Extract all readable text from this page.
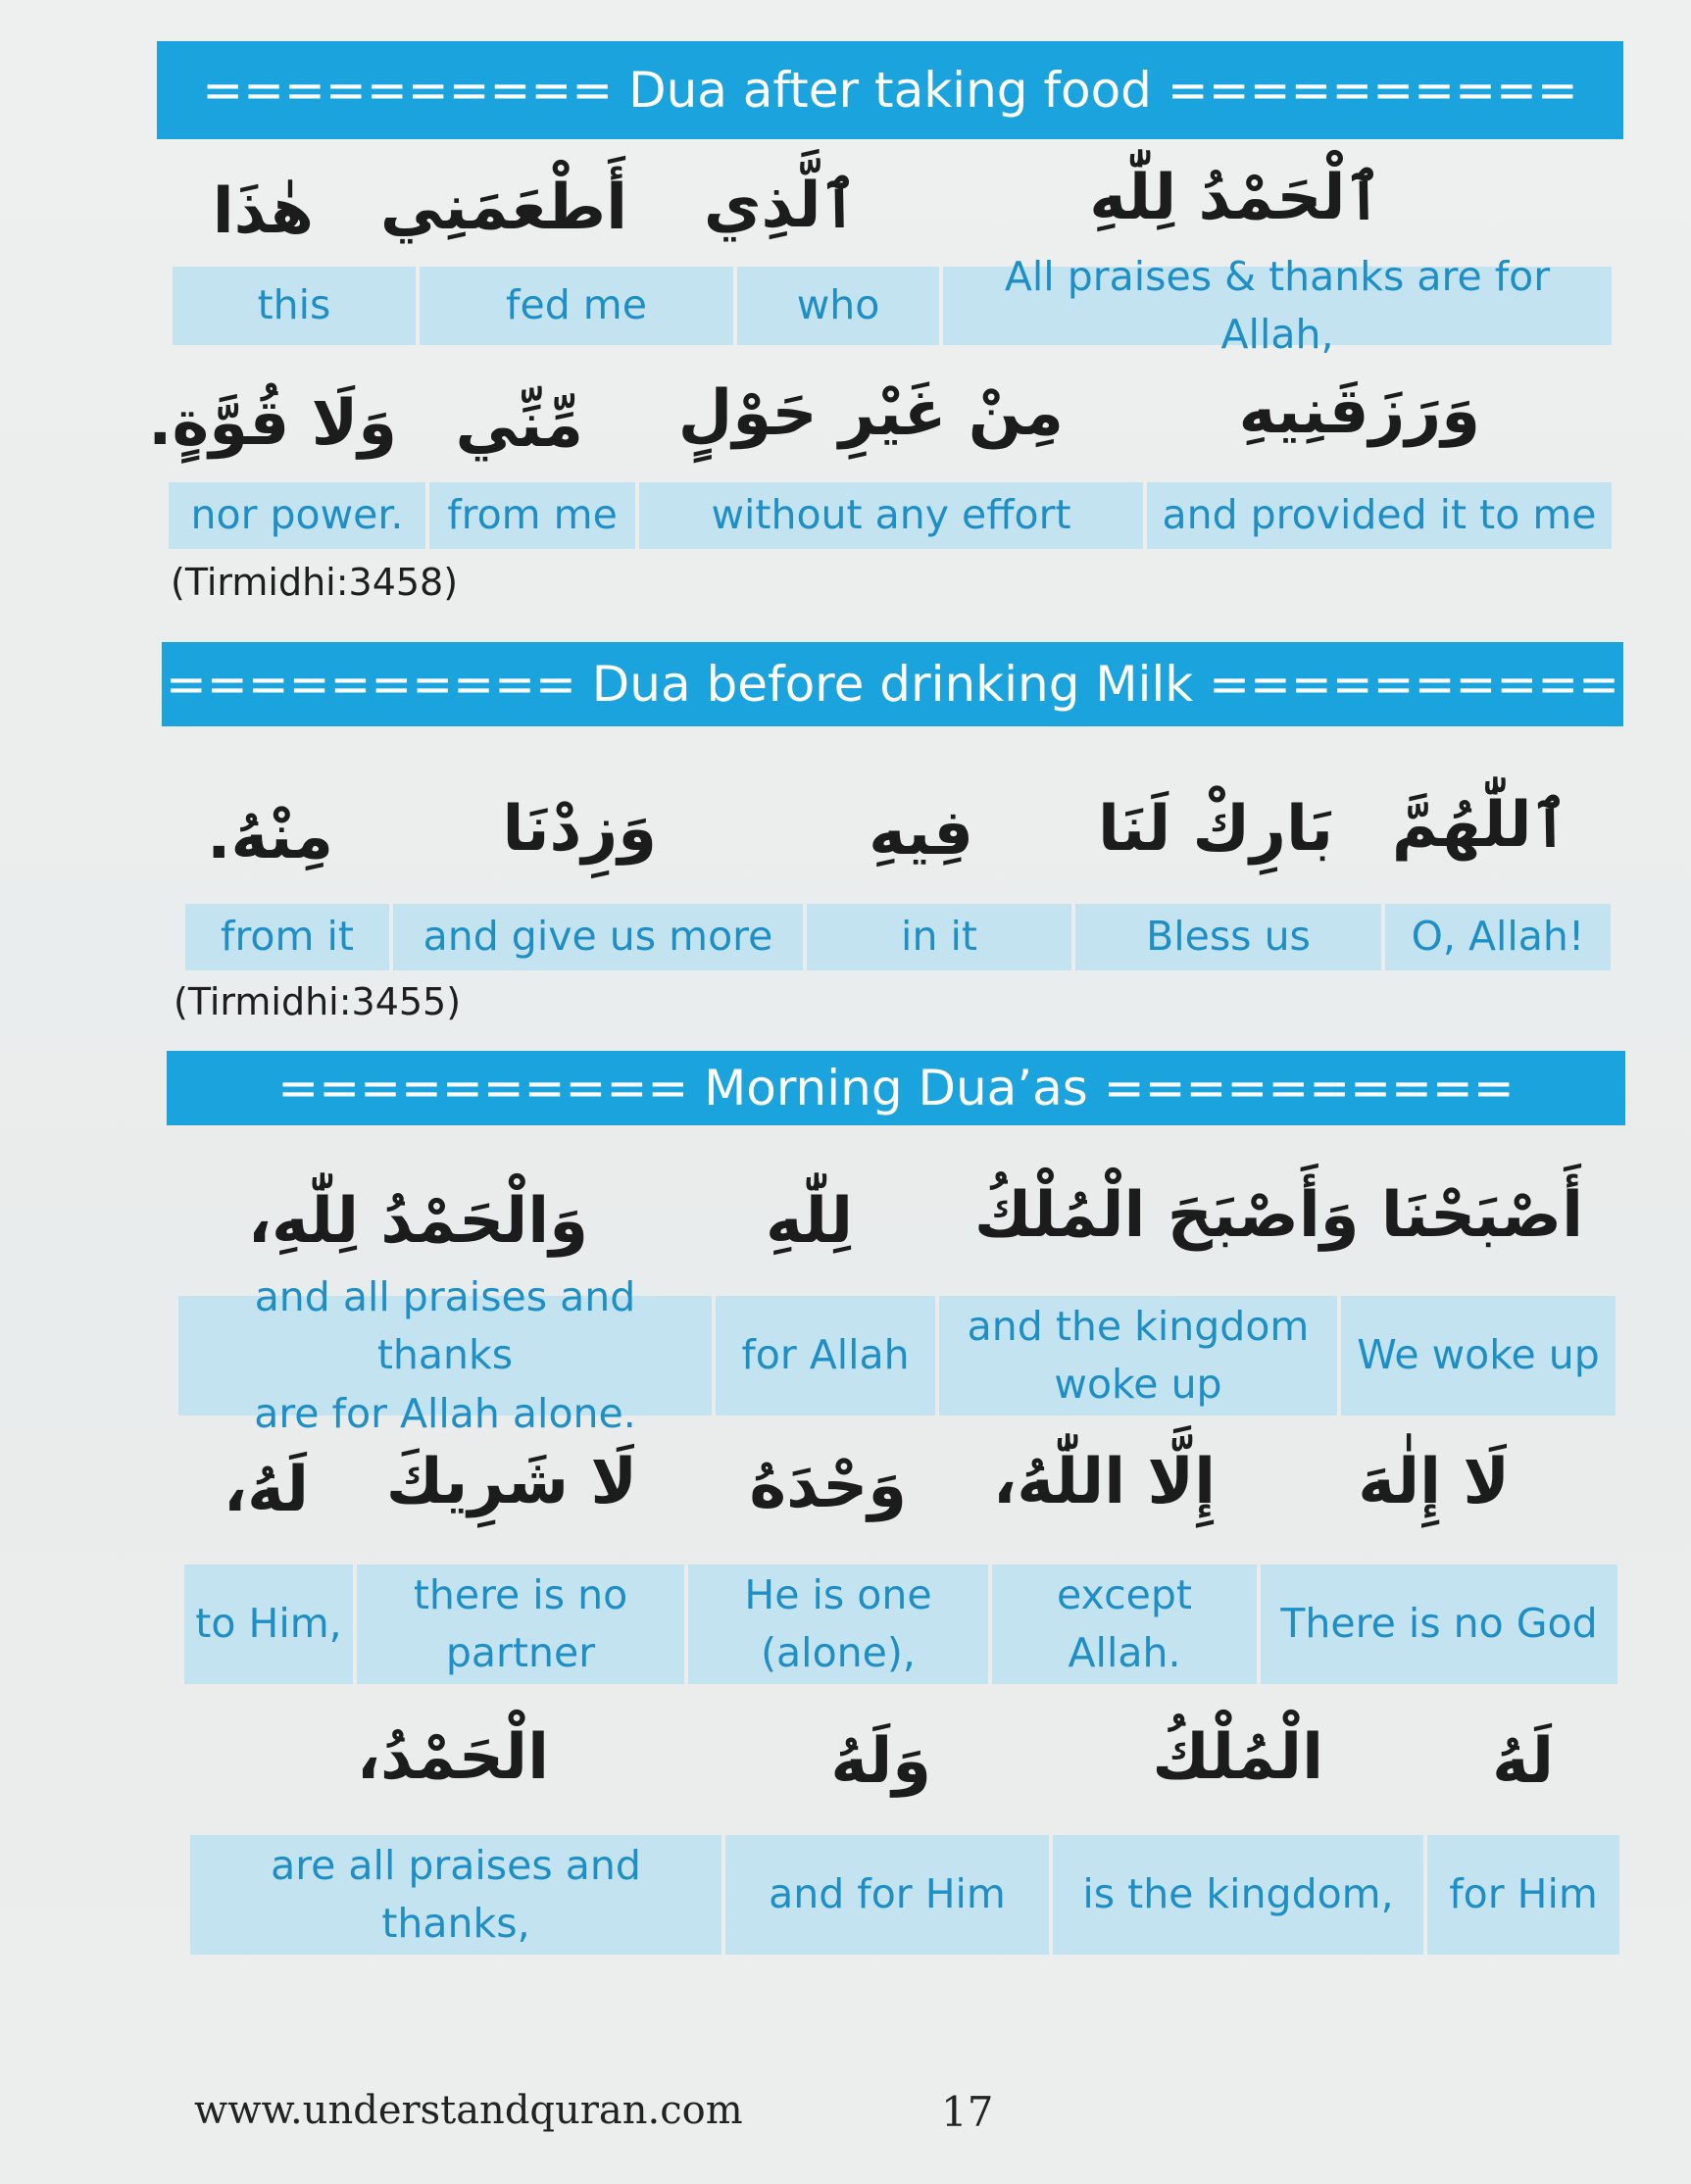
========== Dua after taking food ==========
ٱلْحَمْدُ لِلّٰهِ
ٱلَّذِي
أَطْعَمَنِي
هٰذَا
All praises & thanks are for Allah,
who
fed me
this
وَرَزَقَنِيهِ
مِنْ غَيْرِ حَوْلٍ
مِّنِّي
وَلَا قُوَّةٍ.
and provided it to me
without any effort
from me
nor power.
(Tirmidhi:3458)
========== Dua before drinking Milk ==========
ٱللّٰهُمَّ
بَارِكْ لَنَا
فِيهِ
وَزِدْنَا
مِنْهُ.
O, Allah!
Bless us
in it
and give us more
from it
(Tirmidhi:3455)
========== Morning Dua’as ==========
أَصْبَحْنَا وَأَصْبَحَ الْمُلْكُ
لِلّٰهِ
وَالْحَمْدُ لِلّٰهِ،
We woke up
and the kingdom
woke up
for Allah
and all praises and thanks
are for Allah alone.
لَا إِلٰهَ
إِلَّا اللّٰهُ،
وَحْدَهُ
لَا شَرِيكَ
لَهُ،
There is no God
except
Allah.
He is one
(alone),
there is no
partner
to Him,
لَهُ
الْمُلْكُ
وَلَهُ
الْحَمْدُ،
for Him
is the kingdom,
and for Him
are all praises and
thanks,
www.understandquran.com	17
